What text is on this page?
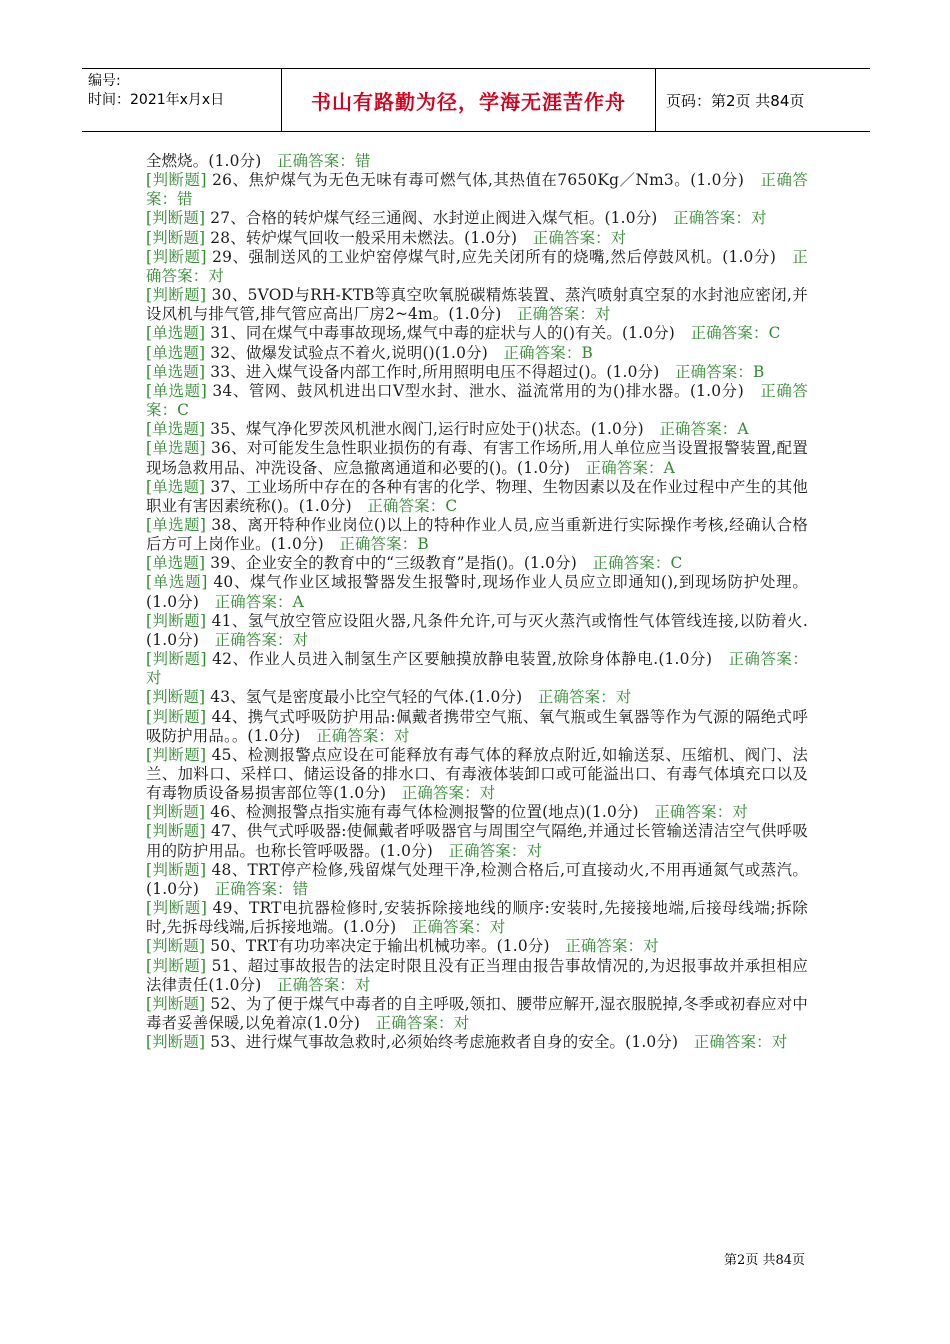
编号:
时间：2021年x月x日	书山有路勤为径，学海无涯苦作舟	页码：第2页 共84页
全燃烧。(1.0分)　正确答案：错
[判断题] 26、焦炉煤气为无色无味有毒可燃气体,其热值在7650Kg／Nm3。(1.0分)　正确答案：错
[判断题] 27、合格的转炉煤气经三通阀、水封逆止阀进入煤气柜。(1.0分)　正确答案：对
[判断题] 28、转炉煤气回收一般采用未燃法。(1.0分)　正确答案：对
[判断题] 29、强制送风的工业炉窑停煤气时,应先关闭所有的烧嘴,然后停鼓风机。(1.0分)　正确答案：对
[判断题] 30、5VOD与RH-KTB等真空吹氧脱碳精炼装置、蒸汽喷射真空泵的水封池应密闭,并设风机与排气管,排气管应高出厂房2~4m。(1.0分)　正确答案：对
[单选题] 31、同在煤气中毒事故现场,煤气中毒的症状与人的()有关。(1.0分)　正确答案：C
[单选题] 32、做爆发试验点不着火,说明()(1.0分)　正确答案：B
[单选题] 33、进入煤气设备内部工作时,所用照明电压不得超过()。(1.0分)　正确答案：B
[单选题] 34、管网、鼓风机进出口V型水封、泄水、溢流常用的为()排水器。(1.0分)　正确答案：C
[单选题] 35、煤气净化罗茨风机泄水阀门,运行时应处于()状态。(1.0分)　正确答案：A
[单选题] 36、对可能发生急性职业损伤的有毒、有害工作场所,用人单位应当设置报警装置,配置现场急救用品、冲洗设备、应急撤离通道和必要的()。(1.0分)　正确答案：A
[单选题] 37、工业场所中存在的各种有害的化学、物理、生物因素以及在作业过程中产生的其他职业有害因素统称()。(1.0分)　正确答案：C
[单选题] 38、离开特种作业岗位()以上的特种作业人员,应当重新进行实际操作考核,经确认合格后方可上岗作业。(1.0分)　正确答案：B
[单选题] 39、企业安全的教育中的“三级教育”是指()。(1.0分)　正确答案：C
[单选题] 40、煤气作业区域报警器发生报警时,现场作业人员应立即通知(),到现场防护处理。(1.0分)　正确答案：A
[判断题] 41、氢气放空管应设阻火器,凡条件允许,可与灭火蒸汽或惰性气体管线连接,以防着火.(1.0分)　正确答案：对
[判断题] 42、作业人员进入制氢生产区要触摸放静电装置,放除身体静电.(1.0分)　正确答案：对
[判断题] 43、氢气是密度最小比空气轻的气体.(1.0分)　正确答案：对
[判断题] 44、携气式呼吸防护用品:佩戴者携带空气瓶、氧气瓶或生氧器等作为气源的隔绝式呼吸防护用品。。(1.0分)　正确答案：对
[判断题] 45、检测报警点应设在可能释放有毒气体的释放点附近,如输送泵、压缩机、阀门、法兰、加料口、采样口、储运设备的排水口、有毒液体装卸口或可能溢出口、有毒气体填充口以及有毒物质设备易损害部位等(1.0分)　正确答案：对
[判断题] 46、检测报警点指实施有毒气体检测报警的位置(地点)(1.0分)　正确答案：对
[判断题] 47、供气式呼吸器:使佩戴者呼吸器官与周围空气隔绝,并通过长管输送清洁空气供呼吸用的防护用品。也称长管呼吸器。(1.0分)　正确答案：对
[判断题] 48、TRT停产检修,残留煤气处理干净,检测合格后,可直接动火,不用再通氮气或蒸汽。(1.0分)　正确答案：错
[判断题] 49、TRT电抗器检修时,安装拆除接地线的顺序:安装时,先接接地端,后接母线端;拆除时,先拆母线端,后拆接地端。(1.0分)　正确答案：对
[判断题] 50、TRT有功功率决定于输出机械功率。(1.0分)　正确答案：对
[判断题] 51、超过事故报告的法定时限且没有正当理由报告事故情况的,为迟报事故并承担相应法律责任(1.0分)　正确答案：对
[判断题] 52、为了便于煤气中毒者的自主呼吸,领扣、腰带应解开,湿衣服脱掉,冬季或初春应对中毒者妥善保暖,以免着凉(1.0分)　正确答案：对
[判断题] 53、进行煤气事故急救时,必须始终考虑施救者自身的安全。(1.0分)　正确答案：对
第2页 共84页
